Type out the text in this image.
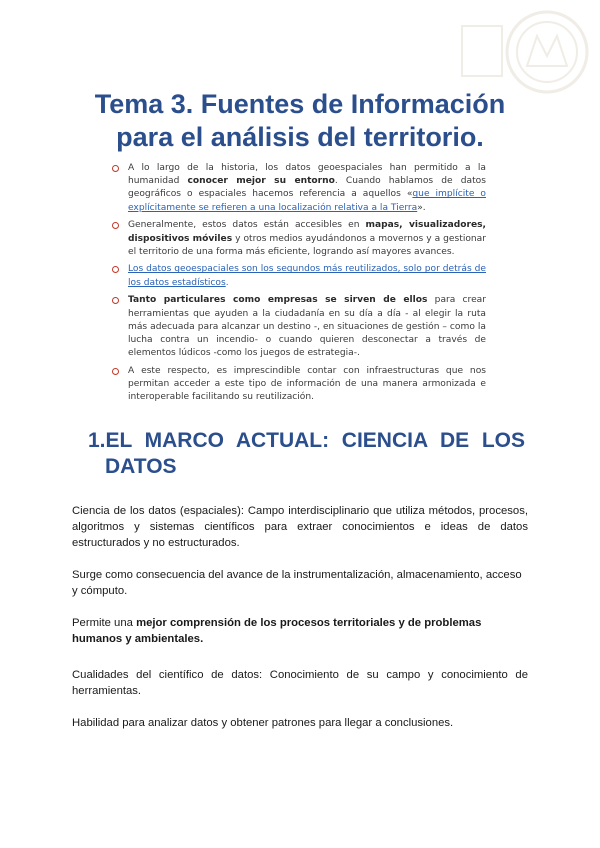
Tema 3. Fuentes de Información
para el análisis del territorio.
A lo largo de la historia, los datos geoespaciales han permitido a la humanidad conocer mejor su entorno. Cuando hablamos de datos geográficos o espaciales hacemos referencia a aquellos «que implícite o explícitamente se refieren a una localización relativa a la Tierra».
Generalmente, estos datos están accesibles en mapas, visualizadores, dispositivos móviles y otros medios ayudándonos a movernos y a gestionar el territorio de una forma más eficiente, logrando así mayores avances.
Los datos geoespaciales son los segundos más reutilizados, solo por detrás de los datos estadísticos.
Tanto particulares como empresas se sirven de ellos para crear herramientas que ayuden a la ciudadanía en su día a día - al elegir la ruta más adecuada para alcanzar un destino -, en situaciones de gestión – como la lucha contra un incendio- o cuando quieren desconectar a través de elementos lúdicos -como los juegos de estrategia-.
A este respecto, es imprescindible contar con infraestructuras que nos permitan acceder a este tipo de información de una manera armonizada e interoperable facilitando su reutilización.
1.EL MARCO ACTUAL: CIENCIA DE LOS
DATOS

Ciencia de los datos (espaciales): Campo interdisciplinario que utiliza métodos, procesos, algoritmos y sistemas científicos para extraer conocimientos e ideas de datos estructurados y no estructurados.

Surge como consecuencia del avance de la instrumentalización, almacenamiento, acceso y cómputo.

Permite una mejor comprensión de los procesos territoriales y de problemas humanos y ambientales.

Cualidades del científico de datos: Conocimiento de su campo y conocimiento de herramientas.

Habilidad para analizar datos y obtener patrones para llegar a conclusiones.
